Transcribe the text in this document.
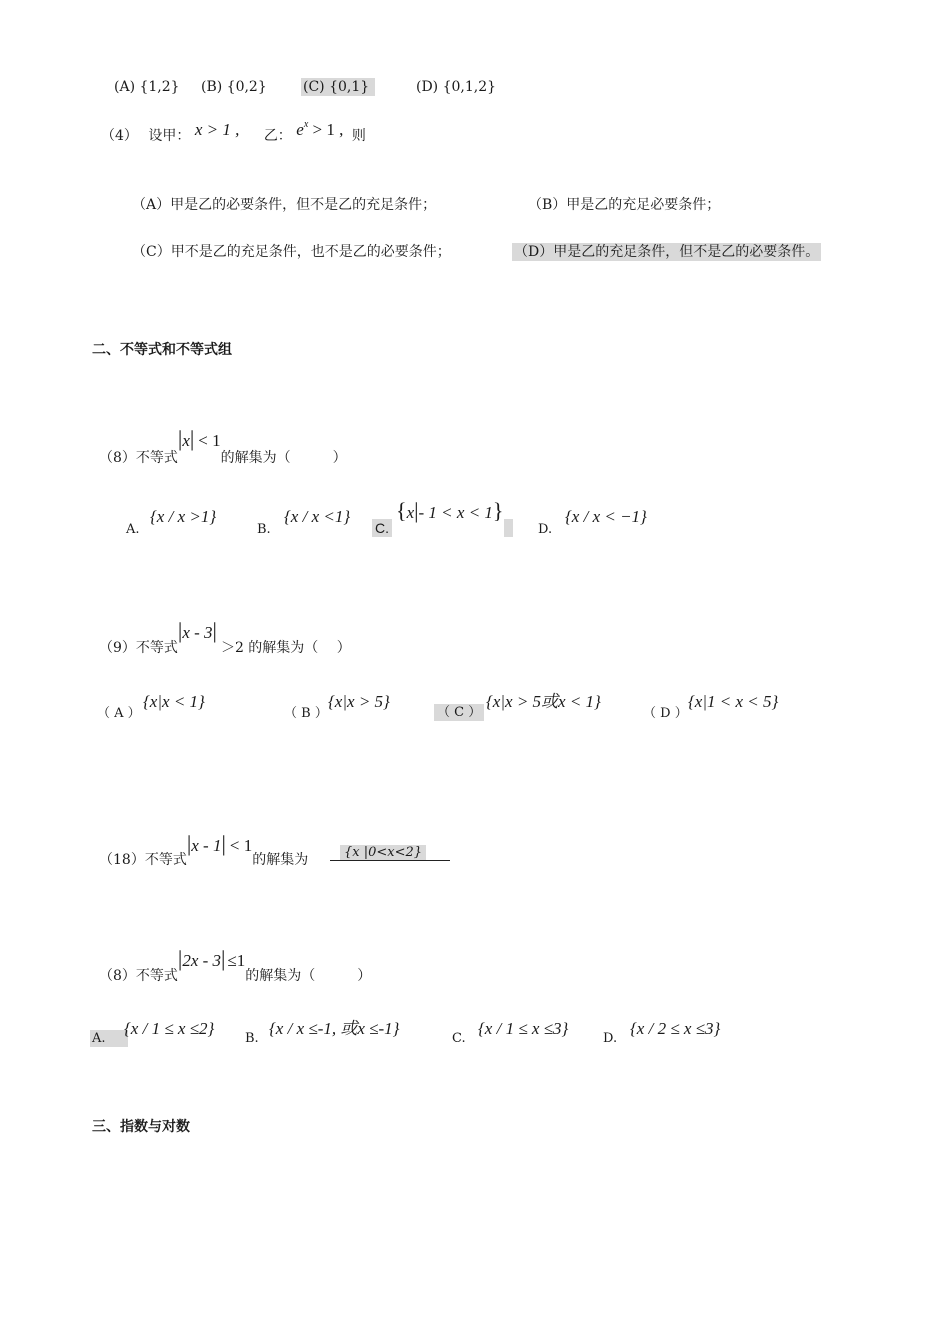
(A) {1,2} (B) {0,2}	(C) {0,1}	(D) {0,1,2}
（4） 设甲： x > 1 , 乙： $e^x > 1$ , 则
（A）甲是乙的必要条件，但不是乙的充足条件；	（B）甲是乙的充足必要条件；
（C）甲不是乙的充足条件，也不是乙的必要条件；	（D）甲是乙的充足条件，但不是乙的必要条件。
二、不等式和不等式组
（8）不等式|x| < 1的解集为（　　　）
A.
{x / x >1}
B.
{x / x <1}
C.
{x|- 1 < x < 1}
D.
{x / x < −1}
（9）不等式|x - 3|＞2 的解集为（　 ）
（ A ）
{x|x < 1}
（ B ）
{x|x > 5}
（ C ）
{x|x > 5或x < 1}
（ D ）
{x|1 < x < 5}
（18）不等式|x - 1| < 1的解集为	{x |0<x<2}
（8）不等式|2x - 3| ≤1的解集为（　　　）
A.
{x / 1 ≤ x ≤2}
B.
{x / x ≤-1, 或x ≤-1}
C.
{x / 1 ≤ x ≤3}
D.
{x / 2 ≤ x ≤3}
三、指数与对数
